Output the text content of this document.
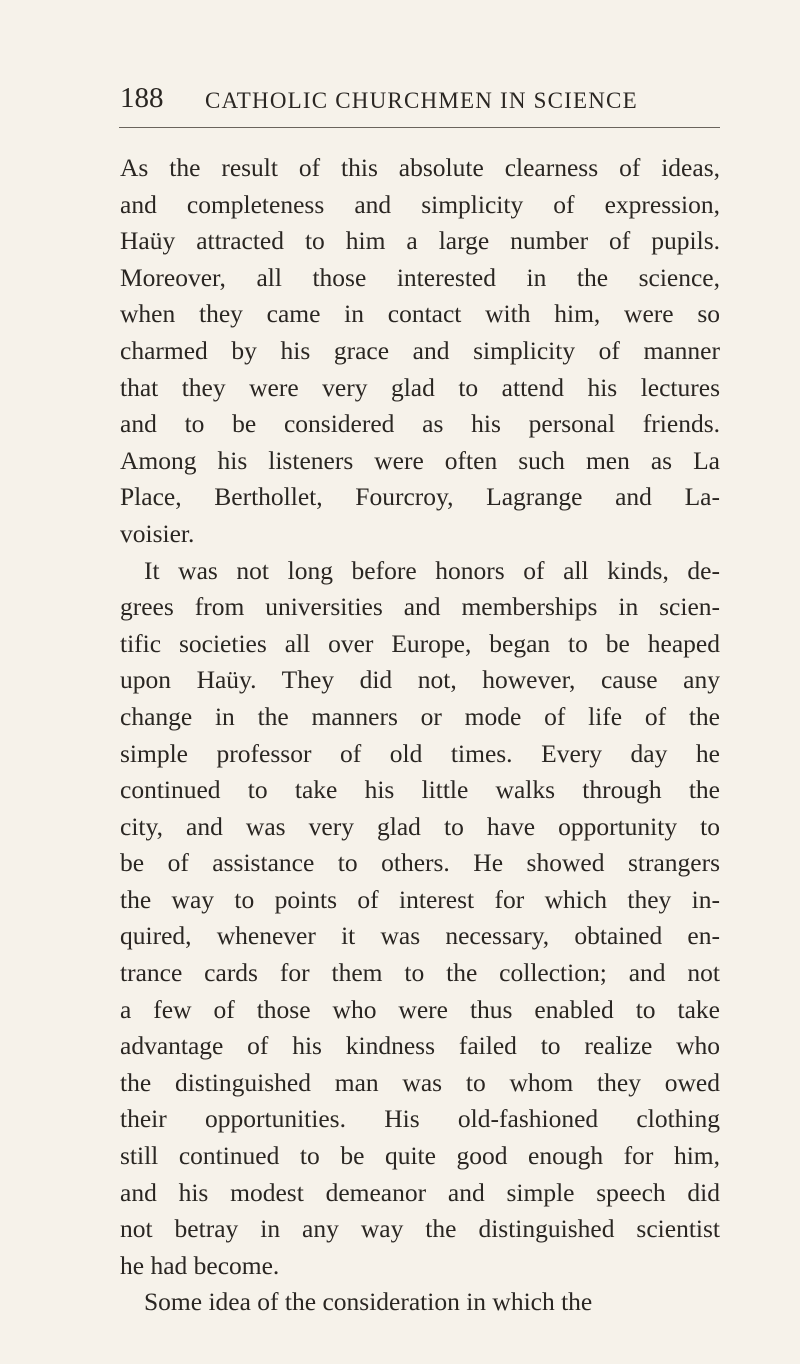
188 CATHOLIC CHURCHMEN IN SCIENCE
As the result of this absolute clearness of ideas,
and completeness and simplicity of expression,
Haüy attracted to him a large number of pupils.
Moreover, all those interested in the science,
when they came in contact with him, were so
charmed by his grace and simplicity of manner
that they were very glad to attend his lectures
and to be considered as his personal friends.
Among his listeners were often such men as La
Place, Berthollet, Fourcroy, Lagrange and La-
voisier.
It was not long before honors of all kinds, de-
grees from universities and memberships in scien-
tific societies all over Europe, began to be heaped
upon Haüy. They did not, however, cause any
change in the manners or mode of life of the
simple professor of old times. Every day he
continued to take his little walks through the
city, and was very glad to have opportunity to
be of assistance to others. He showed strangers
the way to points of interest for which they in-
quired, whenever it was necessary, obtained en-
trance cards for them to the collection; and not
a few of those who were thus enabled to take
advantage of his kindness failed to realize who
the distinguished man was to whom they owed
their opportunities. His old-fashioned clothing
still continued to be quite good enough for him,
and his modest demeanor and simple speech did
not betray in any way the distinguished scientist
he had become.
Some idea of the consideration in which the
